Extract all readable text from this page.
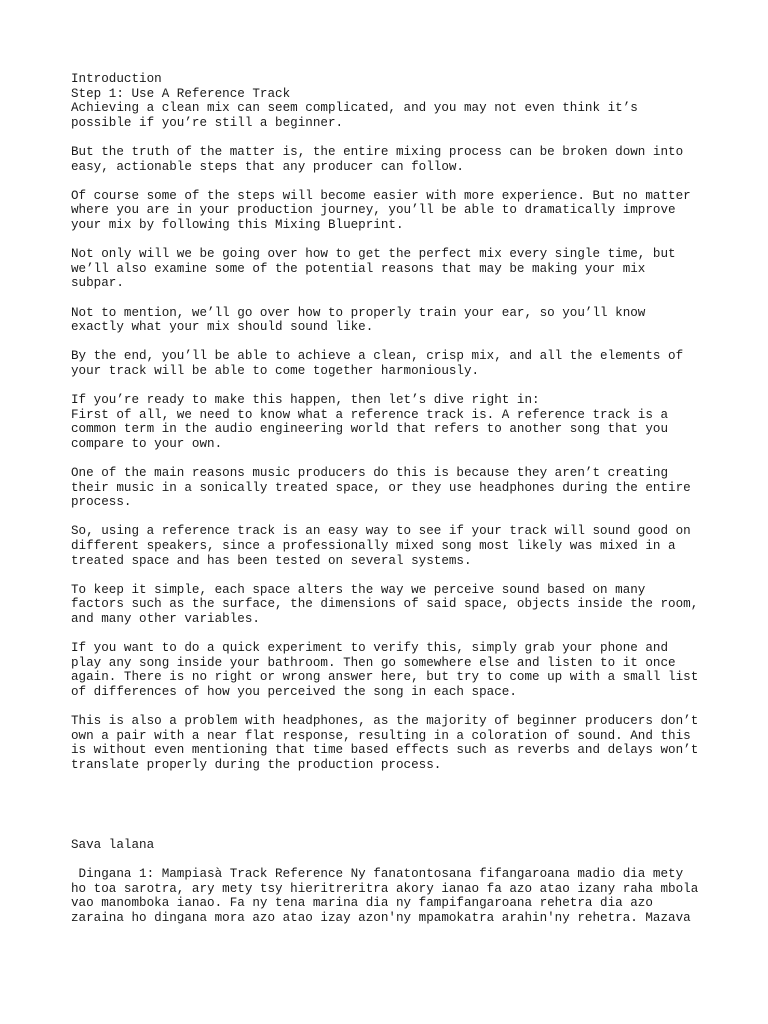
Introduction
Step 1: Use A Reference Track
Achieving a clean mix can seem complicated, and you may not even think it’s
possible if you’re still a beginner.
But the truth of the matter is, the entire mixing process can be broken down into
easy, actionable steps that any producer can follow.
Of course some of the steps will become easier with more experience. But no matter
where you are in your production journey, you’ll be able to dramatically improve
your mix by following this Mixing Blueprint.
Not only will we be going over how to get the perfect mix every single time, but
we’ll also examine some of the potential reasons that may be making your mix
subpar.
Not to mention, we’ll go over how to properly train your ear, so you’ll know
exactly what your mix should sound like.
By the end, you’ll be able to achieve a clean, crisp mix, and all the elements of
your track will be able to come together harmoniously.
If you’re ready to make this happen, then let’s dive right in:
First of all, we need to know what a reference track is. A reference track is a
common term in the audio engineering world that refers to another song that you
compare to your own.
One of the main reasons music producers do this is because they aren’t creating
their music in a sonically treated space, or they use headphones during the entire
process.
So, using a reference track is an easy way to see if your track will sound good on
different speakers, since a professionally mixed song most likely was mixed in a
treated space and has been tested on several systems.
To keep it simple, each space alters the way we perceive sound based on many
factors such as the surface, the dimensions of said space, objects inside the room,
and many other variables.
If you want to do a quick experiment to verify this, simply grab your phone and
play any song inside your bathroom. Then go somewhere else and listen to it once
again. There is no right or wrong answer here, but try to come up with a small list
of differences of how you perceived the song in each space.
This is also a problem with headphones, as the majority of beginner producers don’t
own a pair with a near flat response, resulting in a coloration of sound. And this
is without even mentioning that time based effects such as reverbs and delays won’t
translate properly during the production process.
Sava lalana
Dingana 1: Mampiasà Track Reference Ny fanatontosana fifangaroana madio dia mety
ho toa sarotra, ary mety tsy hieritreritra akory ianao fa azo atao izany raha mbola
vao manomboka ianao. Fa ny tena marina dia ny fampifangaroana rehetra dia azo
zaraina ho dingana mora azo atao izay azon'ny mpamokatra arahin'ny rehetra. Mazava
